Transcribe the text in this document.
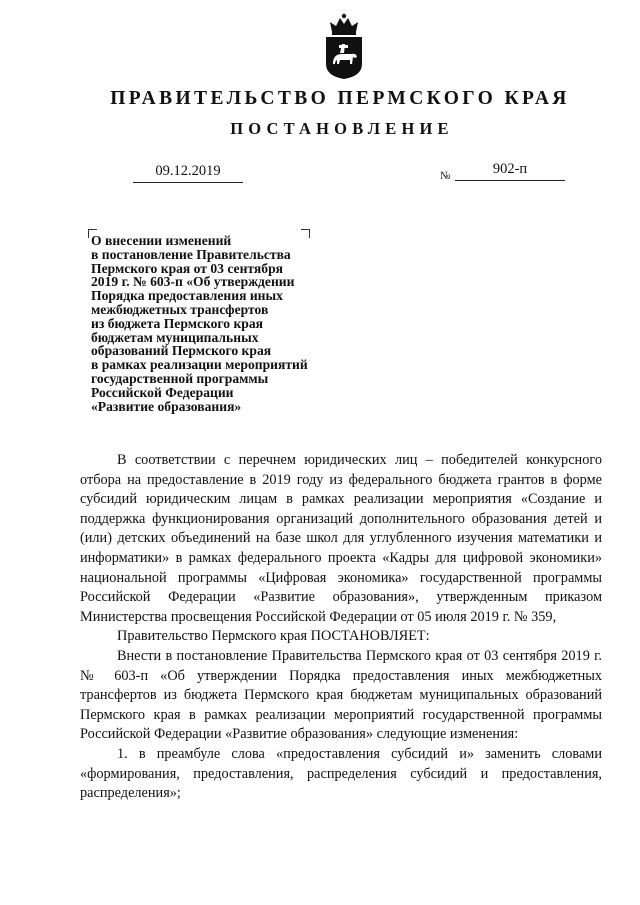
ПРАВИТЕЛЬСТВО ПЕРМСКОГО КРАЯ
ПОСТАНОВЛЕНИЕ
09.12.2019	№	902-п
О внесении изменений
в постановление Правительства
Пермского края от 03 сентября
2019 г. № 603-п «Об утверждении
Порядка предоставления иных
межбюджетных трансфертов
из бюджета Пермского края
бюджетам муниципальных
образований Пермского края
в рамках реализации мероприятий
государственной программы
Российской Федерации
«Развитие образования»

В соответствии с перечнем юридических лиц – победителей конкурсного отбора на предоставление в 2019 году из федерального бюджета грантов в форме субсидий юридическим лицам в рамках реализации мероприятия «Создание и поддержка функционирования организаций дополнительного образования детей и (или) детских объединений на базе школ для углубленного изучения математики и информатики» в рамках федерального проекта «Кадры для цифровой экономики» национальной программы «Цифровая экономика» государственной программы Российской Федерации «Развитие образования», утвержденным приказом Министерства просвещения Российской Федерации от 05 июля 2019 г. № 359,

Правительство Пермского края ПОСТАНОВЛЯЕТ:

Внести в постановление Правительства Пермского края от 03 сентября 2019 г. № 603-п «Об утверждении Порядка предоставления иных межбюджетных трансфертов из бюджета Пермского края бюджетам муниципальных образований Пермского края в рамках реализации мероприятий государственной программы Российской Федерации «Развитие образования» следующие изменения:

1. в преамбуле слова «предоставления субсидий и» заменить словами «формирования, предоставления, распределения субсидий и предоставления, распределения»;
